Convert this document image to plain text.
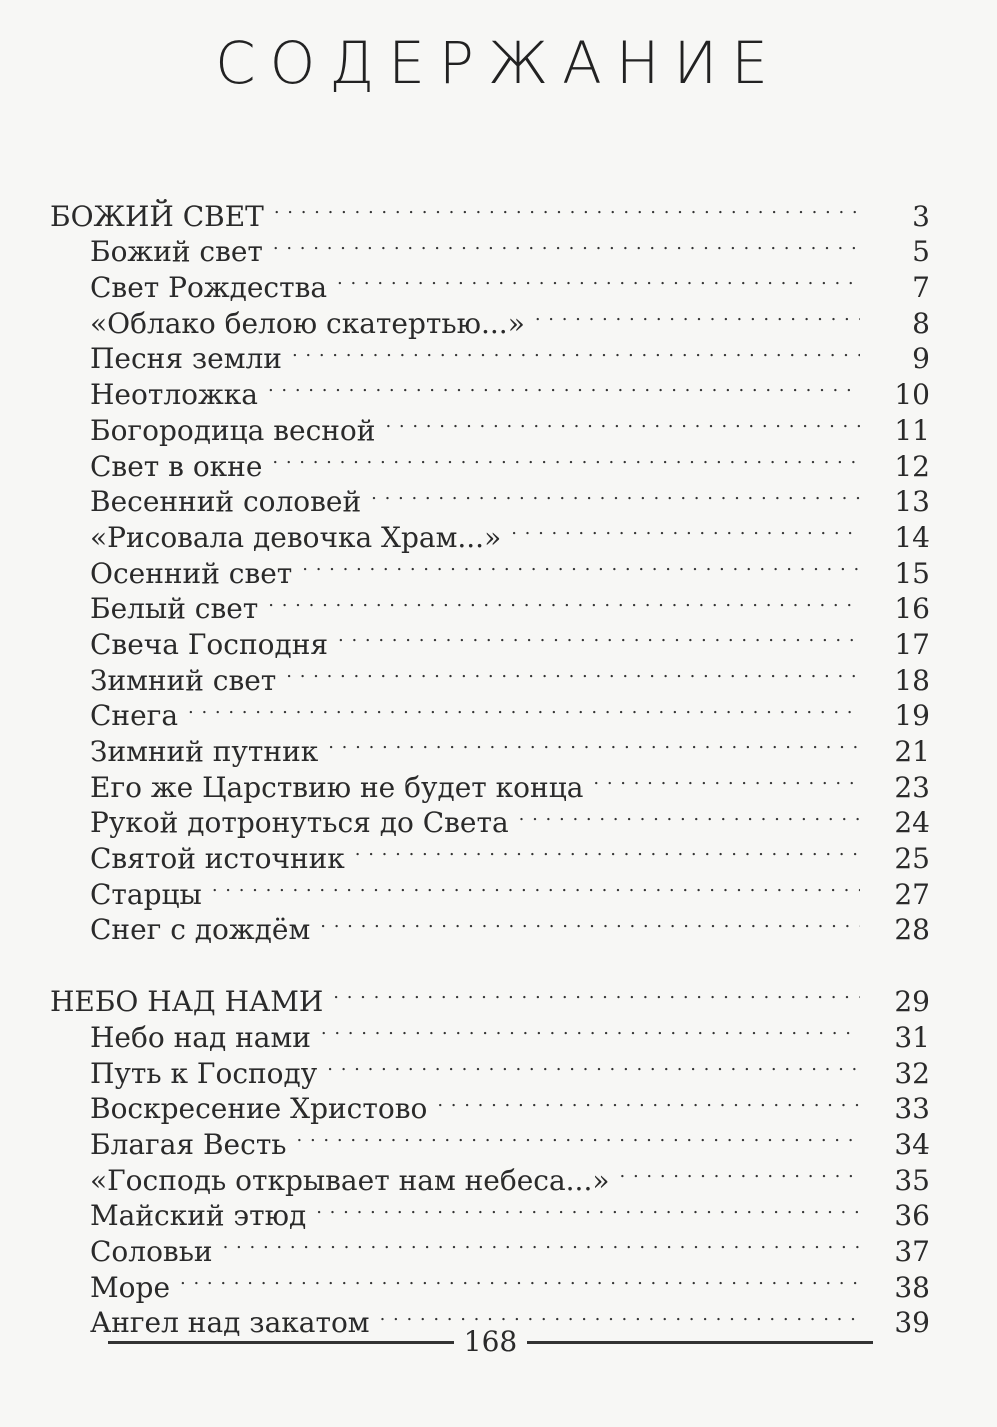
СОДЕРЖАНИЕ
БОЖИЙ СВЕТ . . .	3
Божий свет . . .	5
Свет Рождества . . .	7
«Облако белою скатертью...» . . .	8
Песня земли . . .	9
Неотложка . . .	10
Богородица весной . . .	11
Свет в окне . . .	12
Весенний соловей . . .	13
«Рисовала девочка Храм...» . . .	14
Осенний свет . . .	15
Белый свет . . .	16
Свеча Господня . . .	17
Зимний свет . . .	18
Снега . . .	19
Зимний путник . . .	21
Его же Царствию не будет конца . . .	23
Рукой дотронуться до Света . . .	24
Святой источник . . .	25
Старцы . . .	27
Снег с дождём . . .	28
НЕБО НАД НАМИ . . .	29
Небо над нами . . .	31
Путь к Господу . . .	32
Воскресение Христово . . .	33
Благая Весть . . .	34
«Господь открывает нам небеса...» . . .	35
Майский этюд . . .	36
Соловьи . . .	37
Море . . .	38
Ангел над закатом . . .	39
168
